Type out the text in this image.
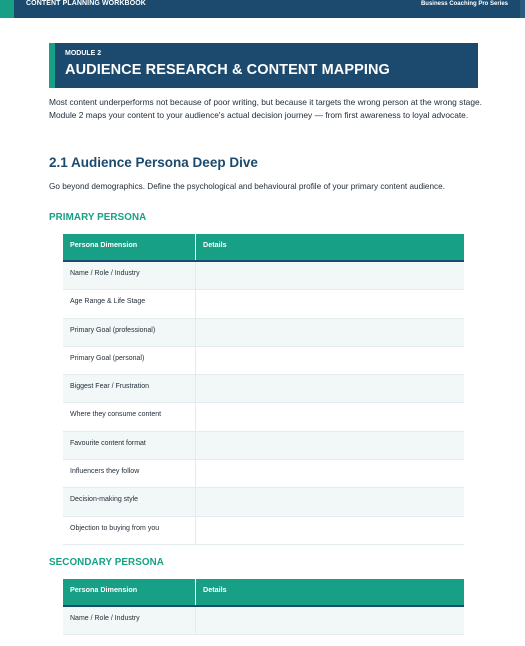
CONTENT PLANNING WORKBOOK	Business Coaching Pro Series
MODULE 2
AUDIENCE RESEARCH & CONTENT MAPPING

Most content underperforms not because of poor writing, but because it targets the wrong person at the wrong stage. Module 2 maps your content to your audience's actual decision journey — from first awareness to loyal advocate.

2.1 Audience Persona Deep Dive

Go beyond demographics. Define the psychological and behavioural profile of your primary content audience.

PRIMARY PERSONA
Persona Dimension	Details
Name / Role / Industry
Age Range & Life Stage
Primary Goal (professional)
Primary Goal (personal)
Biggest Fear / Frustration
Where they consume content
Favourite content format
Influencers they follow
Decision-making style
Objection to buying from you
SECONDARY PERSONA
Persona Dimension	Details
Name / Role / Industry
